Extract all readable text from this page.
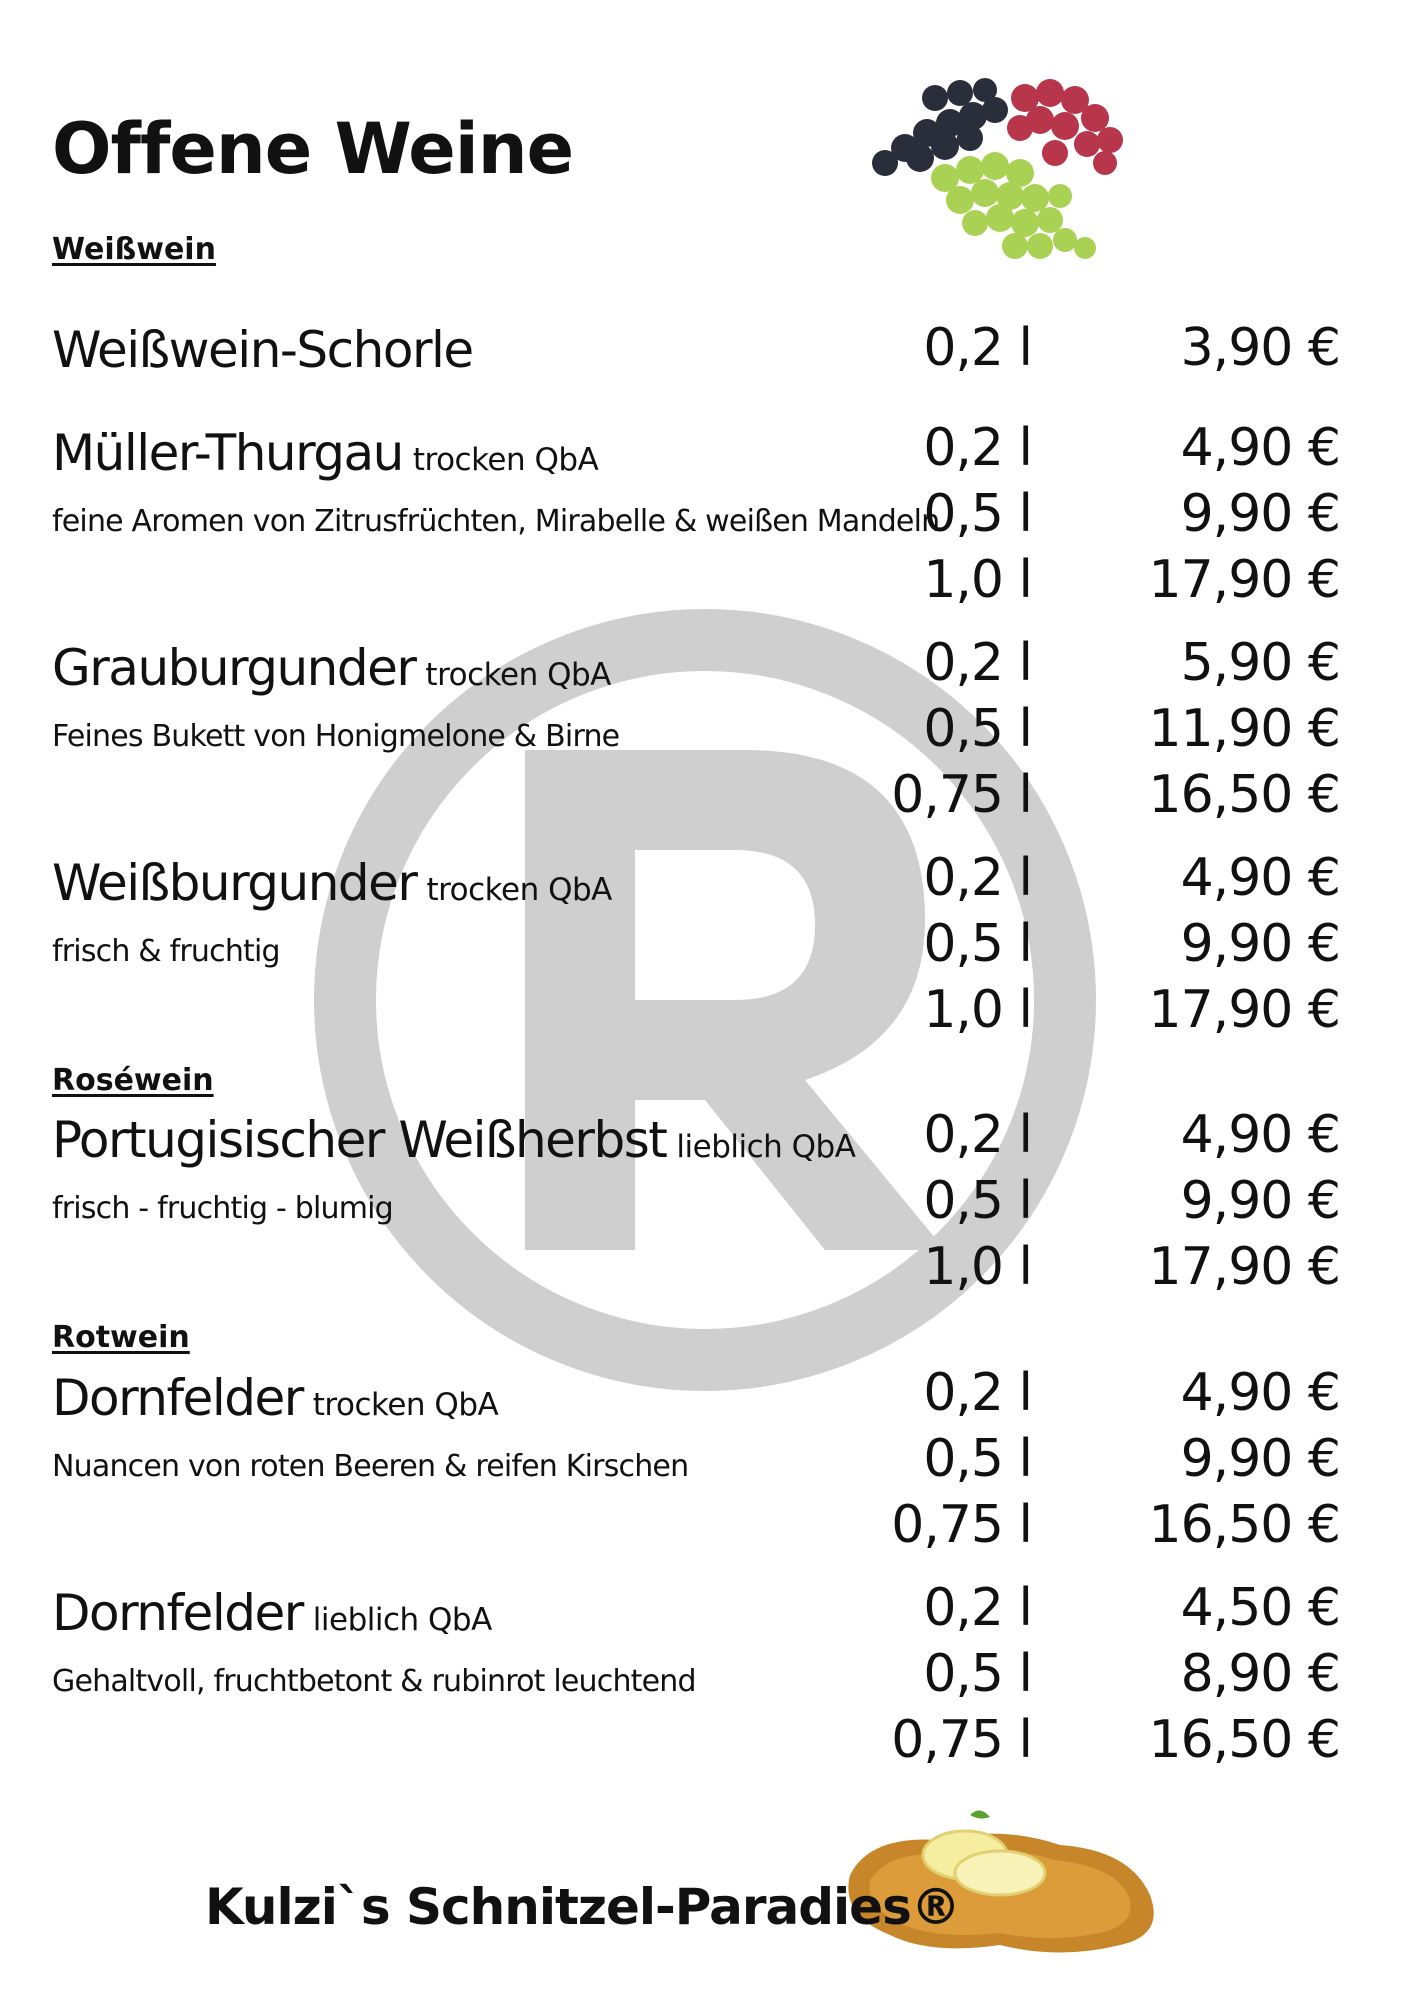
Offene Weine
Weißwein
Weißwein-Schorle	0,2 l	3,90 €
Müller-Thurgau trocken QbA
feine Aromen von Zitrusfrüchten, Mirabelle & weißen Mandeln
0,2 l	4,90 €
0,5 l	9,90 €
1,0 l 17,90 €
Grauburgunder trocken QbA
Feines Bukett von Honigmelone & Birne
0,2 l	5,90 €
0,5 l 11,90 €
0,75 l 16,50 €
Weißburgunder trocken QbA
frisch & fruchtig
0,2 l	4,90 €
0,5 l	9,90 €
1,0 l 17,90 €
Roséwein
Portugisischer Weißherbst lieblich QbA
frisch - fruchtig - blumig
0,2 l	4,90 €
0,5 l	9,90 €
1,0 l 17,90 €
Rotwein
Dornfelder trocken QbA
Nuancen von roten Beeren & reifen Kirschen
0,2 l	4,90 €
0,5 l	9,90 €
0,75 l 16,50 €
Dornfelder lieblich QbA
Gehaltvoll, fruchtbetont & rubinrot leuchtend
0,2 l	4,50 €
0,5 l	8,90 €
0,75 l 16,50 €
Kulzi`s Schnitzel-Paradies®
